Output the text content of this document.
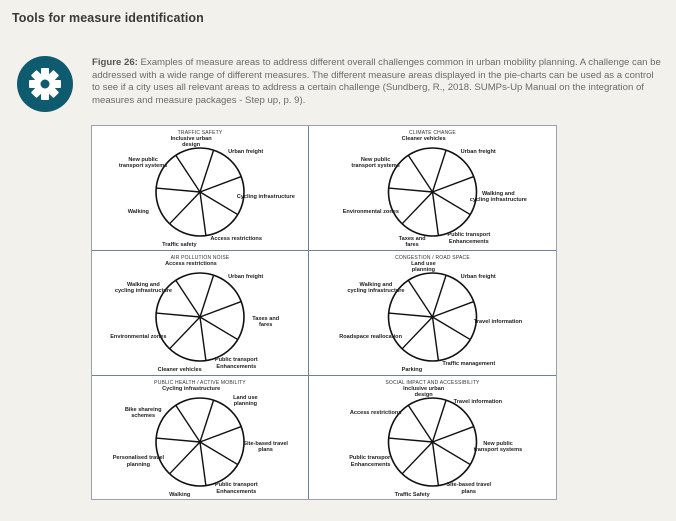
Tools for measure identification
Figure 26: Examples of measure areas to address different overall challenges common in urban mobility planning. A challenge can be addressed with a wide range of different measures. The different measure areas displayed in the pie-charts can be used as a control to see if a city uses all relevant areas to address a certain challenge (Sundberg, R., 2018. SUMPs-Up Manual on the integration of measures and measure packages - Step up, p. 9).
TRAFFIC SAFETY
Urban freight
Cycling infrastructure
Access restrictions
Traffic safety
Walking
New public
transport systems
Inclusive urban
design
CLIMATE CHANGE
Urban freight
Walking and
cycling infrastructure
Public transport
Enhancements
Taxes and
fares
Environmental zones
New public
transport systems
Cleaner vehicles
AIR POLLUTION NOISE
Urban freight
Taxes and
fares
Public transport
Enhancements
Cleaner vehicles
Environmental zones
Walking and
cycling infrastructure
Access restrictions
CONGESTION / ROAD SPACE
Urban freight
Travel information
Traffic management
Parking
Roadspace reallocation
Walking and
cycling infrastructure
Land use
planning
PUBLIC HEALTH / ACTIVE MOBILITY
Land use
planning
Site-based travel
plans
Public transport
Enhancements
Walking
Personalised travel
planning
Bike shareing
schemes
Cycling infrastructure
SOCIAL IMPACT AND ACCESSIBILITY
Travel information
New public
transport systems
Site-based travel
plans
Traffic Safety
Public transport
Enhancements
Access restrictions
Inclusive urban
design
